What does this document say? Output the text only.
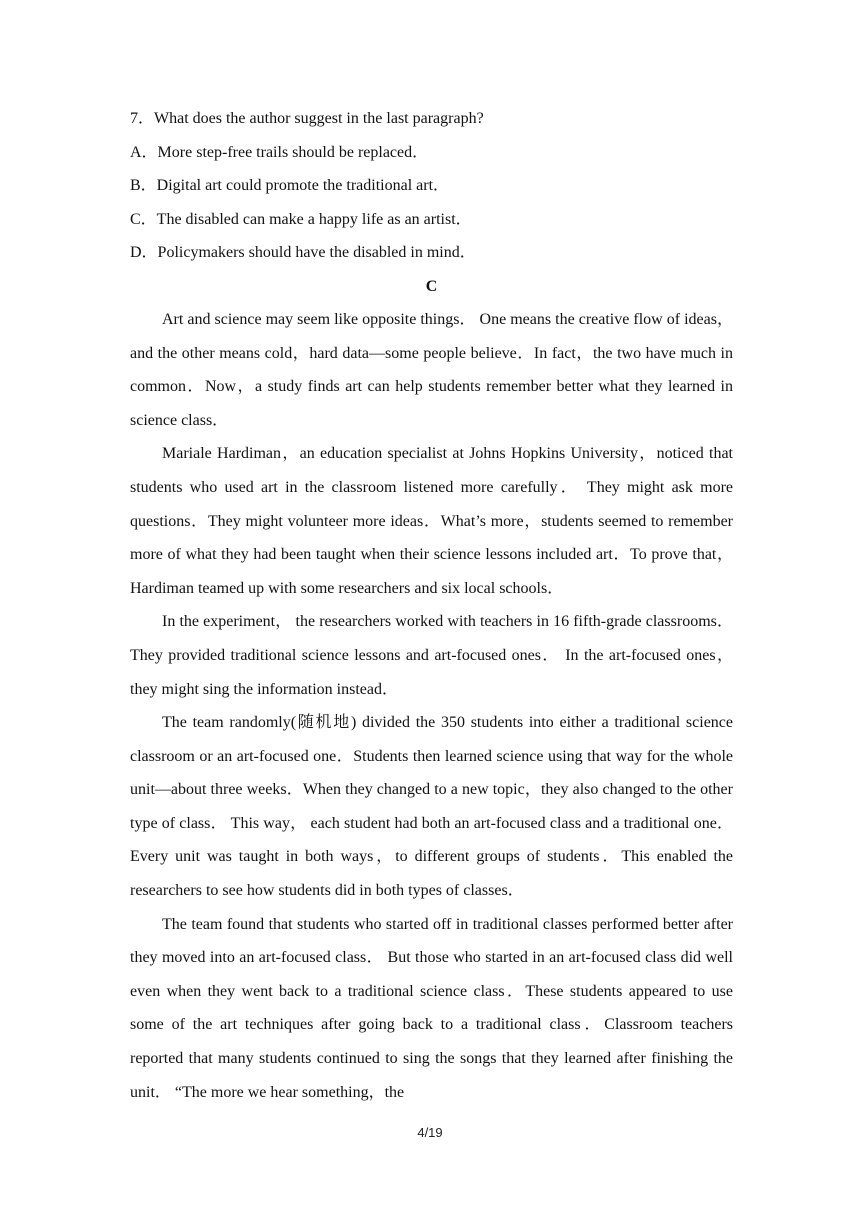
7．What does the author suggest in the last paragraph?
A．More step-free trails should be replaced．
B．Digital art could promote the traditional art．
C．The disabled can make a happy life as an artist．
D．Policymakers should have the disabled in mind．
C

Art and science may seem like opposite things． One means the creative flow of ideas，and the other means cold，hard data—some people believe．In fact，the two have much in common．Now，a study finds art can help students remember better what they learned in science class．

Mariale Hardiman，an education specialist at Johns Hopkins University，noticed that students who used art in the classroom listened more carefully． They might ask more questions．They might volunteer more ideas．What’s more，students seemed to remember more of what they had been taught when their science lessons included art．To prove that，Hardiman teamed up with some researchers and six local schools．

In the experiment， the researchers worked with teachers in 16 fifth-grade classrooms． They provided traditional science lessons and art-focused ones． In the art-focused ones，they might sing the information instead．

The team randomly(随机地) divided the 350 students into either a traditional science classroom or an art-focused one．Students then learned science using that way for the whole unit—about three weeks．When they changed to a new topic，they also changed to the other type of class． This way， each student had both an art-focused class and a traditional one．Every unit was taught in both ways，to different groups of students．This enabled the researchers to see how students did in both types of classes．

The team found that students who started off in traditional classes performed better after they moved into an art-focused class． But those who started in an art-focused class did well even when they went back to a traditional science class．These students appeared to use some of the art techniques after going back to a traditional class．Classroom teachers reported that many students continued to sing the songs that they learned after finishing the unit． “The more we hear something，the

4/19
